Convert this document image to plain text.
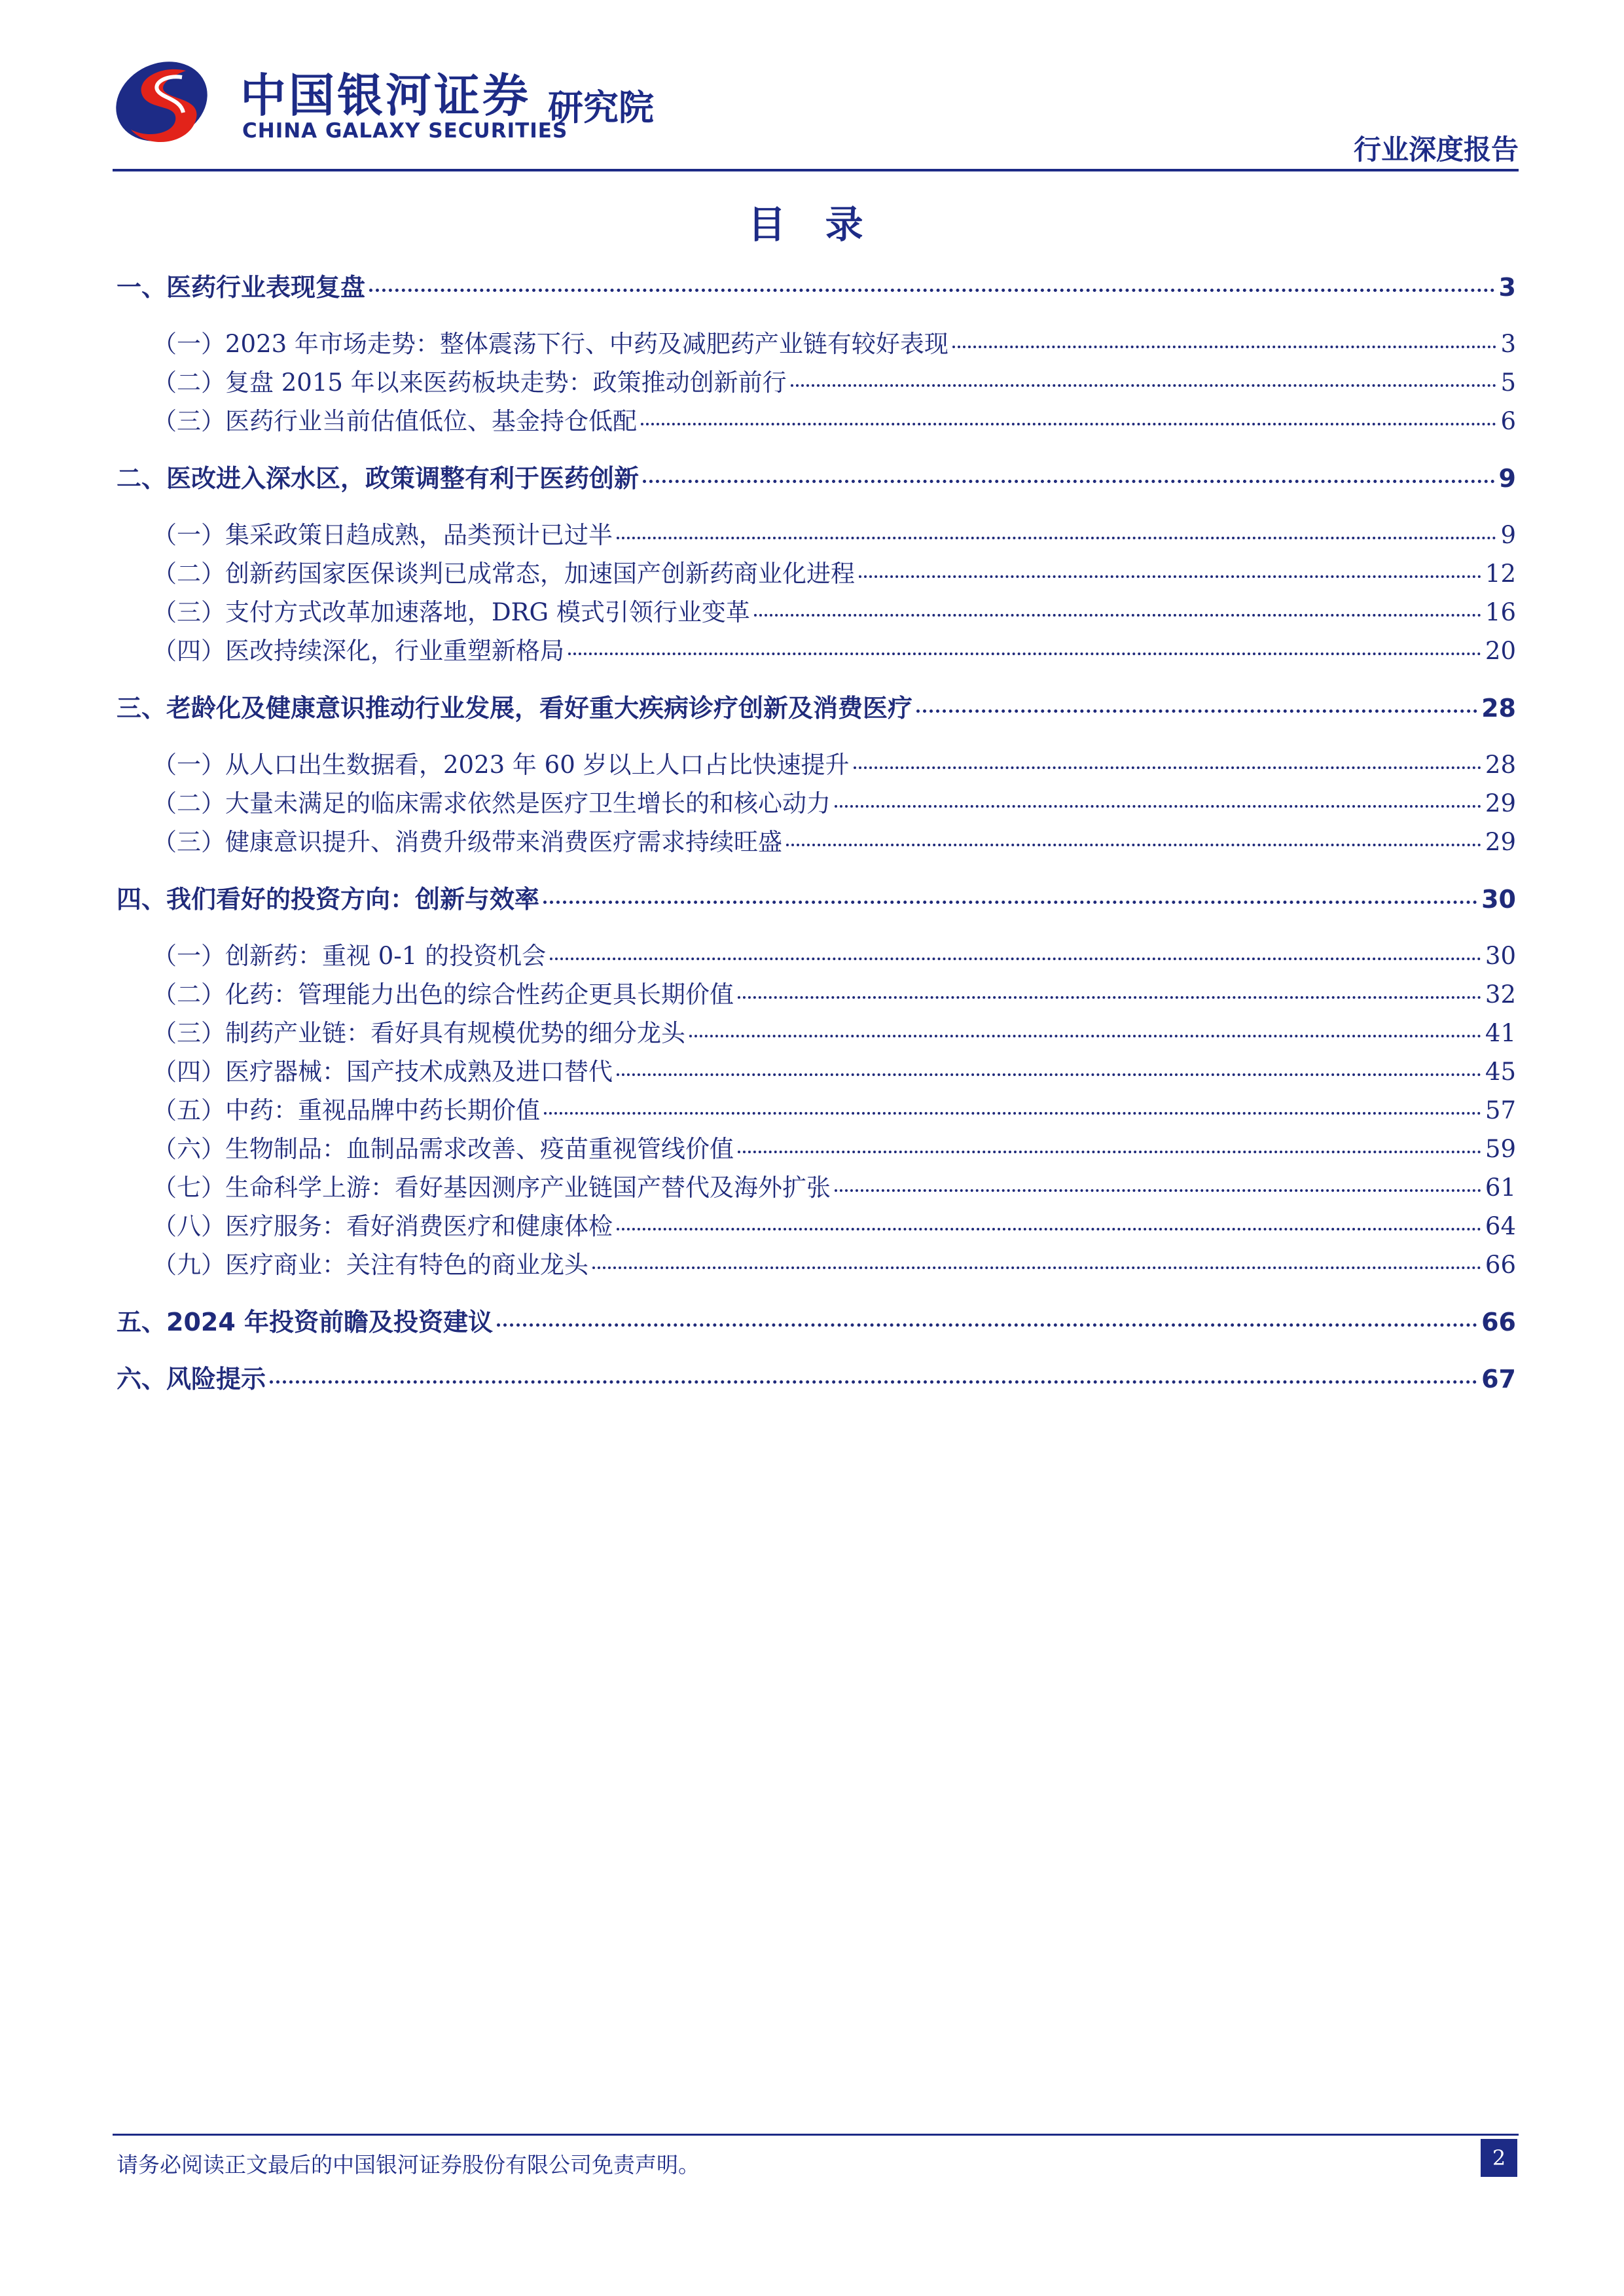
中国银河证券
CHINA GALAXY SECURITIES
研究院
行业深度报告
目 录
一、医药行业表现复盘	3
（一）2023 年市场走势：整体震荡下行、中药及减肥药产业链有较好表现	3
（二）复盘 2015 年以来医药板块走势：政策推动创新前行	5
（三）医药行业当前估值低位、基金持仓低配	6
二、医改进入深水区，政策调整有利于医药创新	9
（一）集采政策日趋成熟，品类预计已过半	9
（二）创新药国家医保谈判已成常态，加速国产创新药商业化进程	12
（三）支付方式改革加速落地，DRG 模式引领行业变革	16
（四）医改持续深化，行业重塑新格局	20
三、老龄化及健康意识推动行业发展，看好重大疾病诊疗创新及消费医疗	28
（一）从人口出生数据看，2023 年 60 岁以上人口占比快速提升	28
（二）大量未满足的临床需求依然是医疗卫生增长的和核心动力	29
（三）健康意识提升、消费升级带来消费医疗需求持续旺盛	29
四、我们看好的投资方向：创新与效率	30
（一）创新药：重视 0-1 的投资机会	30
（二）化药：管理能力出色的综合性药企更具长期价值	32
（三）制药产业链：看好具有规模优势的细分龙头	41
（四）医疗器械：国产技术成熟及进口替代	45
（五）中药：重视品牌中药长期价值	57
（六）生物制品：血制品需求改善、疫苗重视管线价值	59
（七）生命科学上游：看好基因测序产业链国产替代及海外扩张	61
（八）医疗服务：看好消费医疗和健康体检	64
（九）医疗商业：关注有特色的商业龙头	66
五、2024 年投资前瞻及投资建议	66
六、风险提示	67
请务必阅读正文最后的中国银河证券股份有限公司免责声明。	2
